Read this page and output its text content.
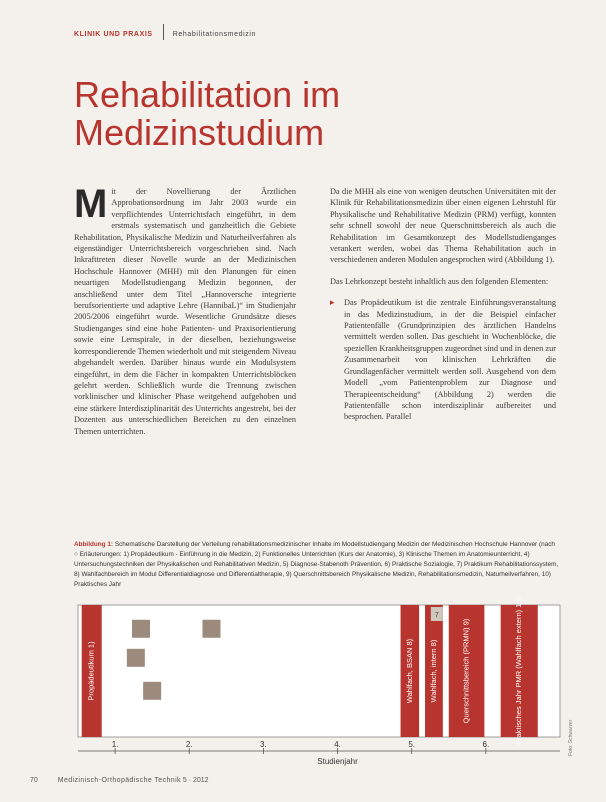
KLINIK UND PRAXIS	Rehabilitationsmedizin
Rehabilitation im Medizinstudium
M it der Novellierung der Ärztlichen Approbationsordnung im Jahr 2003 wurde ein verpflichtendes Unterrichtsfach eingeführt, in dem erstmals systematisch und ganzheitlich die Gebiete Rehabilitation, Physikalische Medizin und Naturheilverfahren als eigenständiger Unterrichtsbereich vorgeschrieben sind. Nach Inkrafttreten dieser Novelle wurde an der Medizinischen Hochschule Hannover (MHH) mit den Planungen für einen neuartigen Modellstudiengang Medizin begonnen, der anschließend unter dem Titel „Hannoversche integrierte berufsorientierte und adaptive Lehre (HannibaL)“ im Studienjahr 2005/2006 eingeführt wurde. Wesentliche Grundsätze dieses Studienganges sind eine hohe Patienten- und Praxisorientierung sowie eine Lernspirale, in der dieselben, beziehungsweise korrespondierende Themen wiederholt und mit steigendem Niveau abgehandelt werden. Darüber hinaus wurde ein Modulsystem eingeführt, in dem die Fächer in kompakten Unterrichtsblöcken gelehrt werden. Schließlich wurde die Trennung zwischen vorklinischer und klinischer Phase weitgehend aufgehoben und eine stärkere Interdisziplinarität des Unterrichts angestrebt, bei der Dozenten aus unterschiedlichen Bereichen zu den einzelnen Themen unterrichten.

Da die MHH als eine von wenigen deutschen Universitäten mit der Klinik für Rehabilitationsmedizin über einen eigenen Lehrstuhl für Physikalische und Rehabilitative Medizin (PRM) verfügt, konnten sehr schnell sowohl der neue Querschnittsbereich als auch die Rehabilitation im Gesamtkonzept des Modellstudienganges verankert werden, wobei das Thema Rehabilitation auch in verschiedenen anderen Modulen angesprochen wird (Abbildung 1).

Das Lehrkonzept besteht inhaltlich aus den folgenden Elementen:

▸ Das Propädeutikum ist die zentrale Einführungsveranstaltung in das Medizinstudium, in der die Beispiel einfacher Patientenfälle (Grundprinzipien des ärztlichen Handelns vermittelt werden sollen. Das geschieht in Wochenblöcke, die speziellen Krankheitsgruppen zugeordnet sind und in denen zur Zusammenarbeit von klinischen Lehrkräften die Grundlagenfächer vermittelt werden soll. Ausgehend von dem Modell „vom Patientenproblem zur Diagnose und Therapieentscheidung“ (Abbildung 2) werden die Patientenfälle schon interdisziplinär aufbereitet und besprochen. Parallel

Abbildung 1: Schematische Darstellung der Verteilung rehabilitationsmedizinischer Inhalte im Modellstudiengang Medizin der Medizinischen Hochschule Hannover (nach ○ Erläuterungen: 1) Propädeutikum - Einführung in die Medizin, 2) Funktionelles Unterrichten (Kurs der Anatomie), 3) Klinische Themen im Anatomieunterricht, 4) Untersuchungstechniken der Physikalischen und Rehabilitativen Medizin, 5) Diagnose-Stabenoth Prävention, 6) Praktische Sozialogie, 7) Praktikum Rehabilitationssystem, 8) Wahlfachbereich im Modul Differentialdiagnose und Differentialtherapie, 9) Querschnittsbereich Physikalische Medizin, Rehabilitationsmedizin, Naturheilverfahren, 10) Praktisches Jahr

Propädeutikum 1)	Wahlfach, BSAN 8) Wahlfach, intern 8)
7
Querschnittsbereich (PRMN) 9)	Praktisches Jahr PMR (Wahlfach extern) 10)
1.	2.	3.	4.	5.	6.
Studienjahr
Foto: Schwarzer
70	Medizinisch-Orthopädische Technik 5 · 2012
